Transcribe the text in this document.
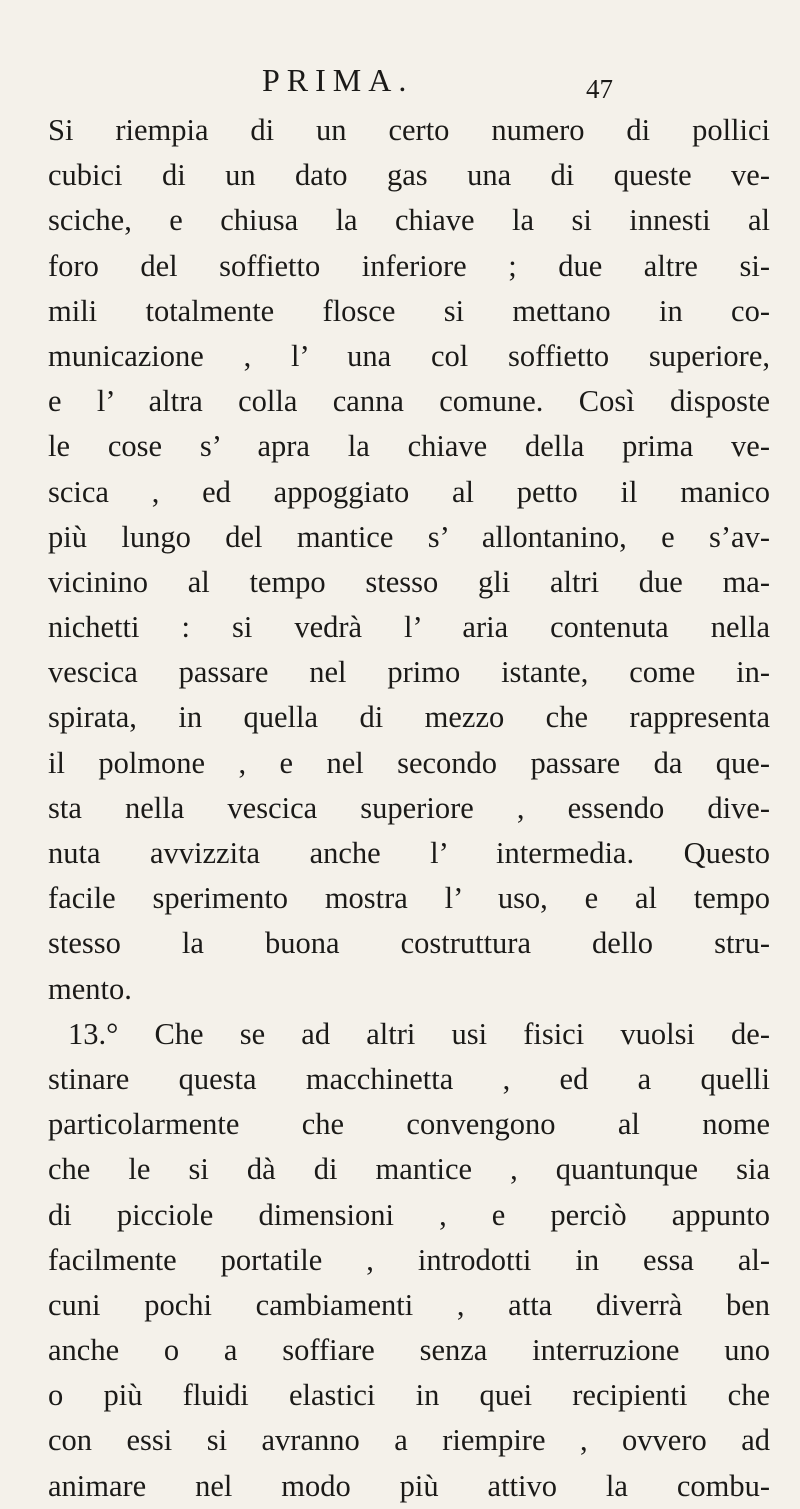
PRIMA.	47
Si riempia di un certo numero di pollici
cubici di un dato gas una di queste ve-
sciche, e chiusa la chiave la si innesti al
foro del soffietto inferiore ; due altre si-
mili totalmente flosce si mettano in co-
municazione , l’ una col soffietto superiore,
e l’ altra colla canna comune. Così disposte
le cose s’ apra la chiave della prima ve-
scica , ed appoggiato al petto il manico
più lungo del mantice s’ allontanino, e s’av-
vicinino al tempo stesso gli altri due ma-
nichetti : si vedrà l’ aria contenuta nella
vescica passare nel primo istante, come in-
spirata, in quella di mezzo che rappresenta
il polmone , e nel secondo passare da que-
sta nella vescica superiore , essendo dive-
nuta avvizzita anche l’ intermedia. Questo
facile sperimento mostra l’ uso, e al tempo
stesso la buona costruttura dello stru-
mento.
13.° Che se ad altri usi fisici vuolsi de-
stinare questa macchinetta , ed a quelli
particolarmente che convengono al nome
che le si dà di mantice , quantunque sia
di picciole dimensioni , e perciò appunto
facilmente portatile , introdotti in essa al-
cuni pochi cambiamenti , atta diverrà ben
anche o a soffiare senza interruzione uno
o più fluidi elastici in quei recipienti che
con essi si avranno a riempire , ovvero ad
animare nel modo più attivo la combu-
